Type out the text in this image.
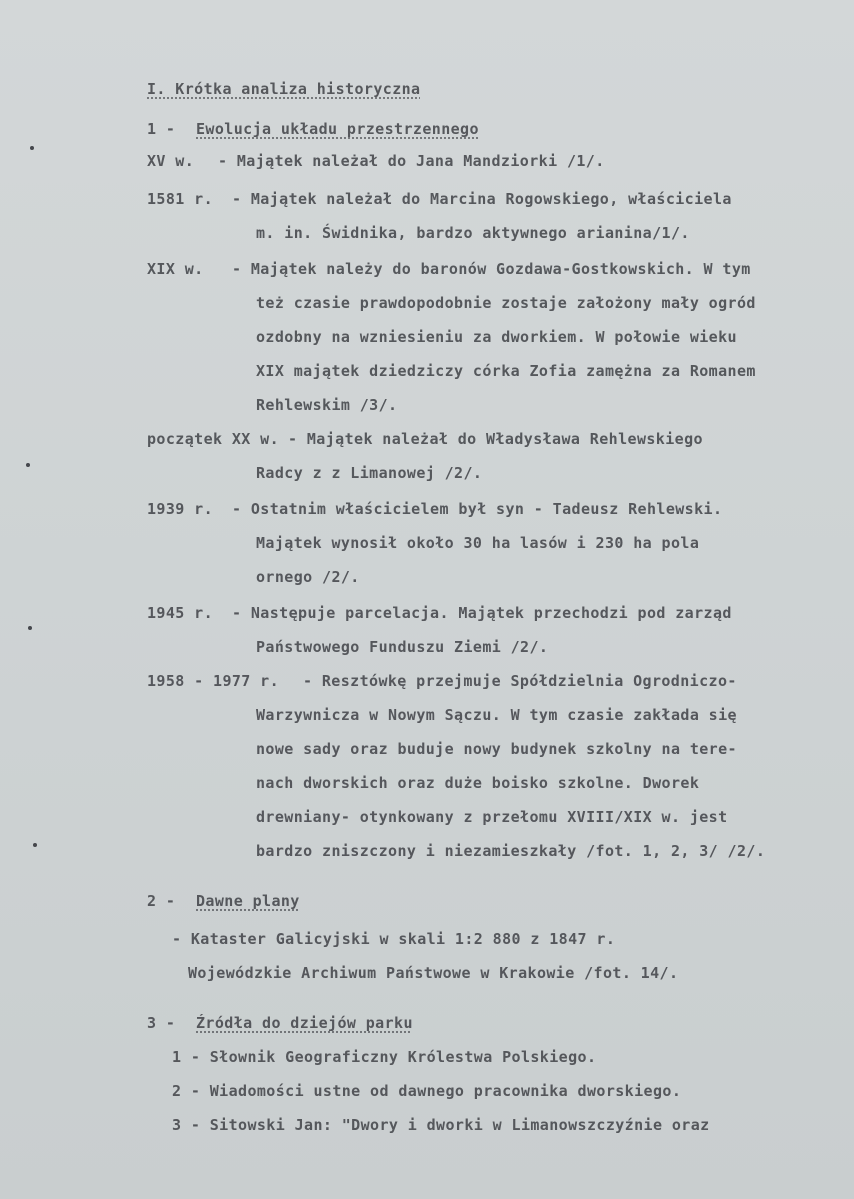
I. Krótka analiza historyczna
1 - Ewolucja układu przestrzennego
XV w. - Majątek należał do Jana Mandziorki /1/.
1581 r. - Majątek należał do Marcina Rogowskiego, właściciela
m. in. Świdnika, bardzo aktywnego arianina/1/.
XIX w. - Majątek należy do baronów Gozdawa-Gostkowskich. W tym
też czasie prawdopodobnie zostaje założony mały ogród
ozdobny na wzniesieniu za dworkiem. W połowie wieku
XIX majątek dziedziczy córka Zofia zamężna za Romanem
Rehlewskim /3/.
początek XX w. - Majątek należał do Władysława Rehlewskiego
Radcy z z Limanowej /2/.
1939 r. - Ostatnim właścicielem był syn - Tadeusz Rehlewski.
Majątek wynosił około 30 ha lasów i 230 ha pola
ornego /2/.
1945 r. - Następuje parcelacja. Majątek przechodzi pod zarząd
Państwowego Funduszu Ziemi /2/.
1958 - 1977 r. - Resztówkę przejmuje Spółdzielnia Ogrodniczo-
Warzywnicza w Nowym Sączu. W tym czasie zakłada się
nowe sady oraz buduje nowy budynek szkolny na tere-
nach dworskich oraz duże boisko szkolne. Dworek
drewniany- otynkowany z przełomu XVIII/XIX w. jest
bardzo zniszczony i niezamieszkały /fot. 1, 2, 3/ /2/.
2 - Dawne plany
- Kataster Galicyjski w skali 1:2 880 z 1847 r.
Wojewódzkie Archiwum Państwowe w Krakowie /fot. 14/.
3 - Źródła do dziejów parku
1 - Słownik Geograficzny Królestwa Polskiego.
2 - Wiadomości ustne od dawnego pracownika dworskiego.
3 - Sitowski Jan: "Dwory i dworki w Limanowszczyźnie oraz
